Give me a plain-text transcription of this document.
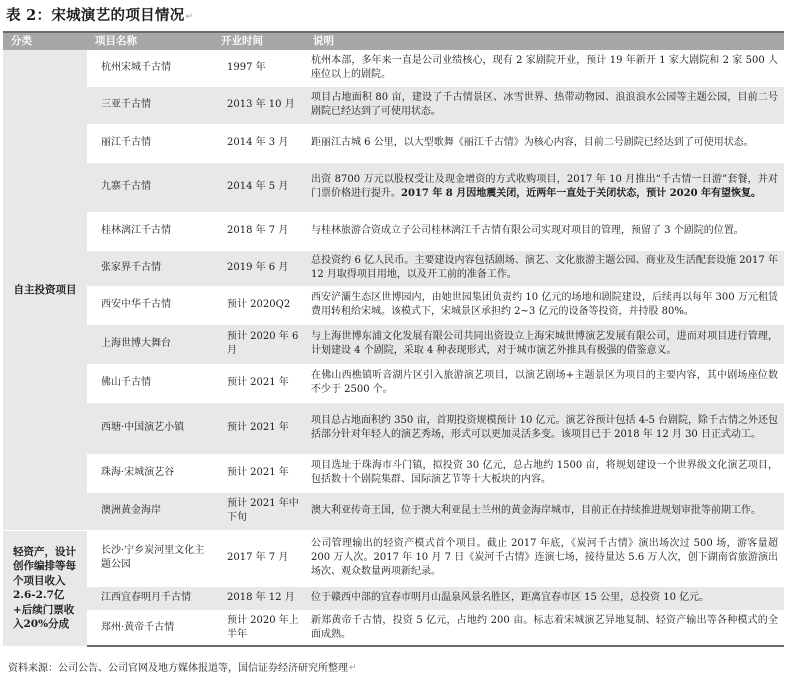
表 2：宋城演艺的项目情况↵
分类	项目名称	开业时间	说明
自主投资项目	杭州宋城千古情	1997 年	杭州本部，多年来一直是公司业绩核心，现有 2 家剧院开业，预计 19 年新开 1 家大剧院和 2 家 500 人座位以上的剧院。
	三亚千古情	2013 年 10 月	项目占地面积 80 亩，建设了千古情景区、冰雪世界、热带动物园、浪浪浪水公园等主题公园，目前二号剧院已经达到了可使用状态。
	丽江千古情	2014 年 3 月	距丽江古城 6 公里，以大型歌舞《丽江千古情》为核心内容，目前二号剧院已经达到了可使用状态。
	九寨千古情	2014 年 5 月	出资 8700 万元以股权受让及现金增资的方式收购项目，2017 年 10 月推出“千古情一日游”套餐，并对门票价格进行提升。2017 年 8 月因地震关闭，近两年一直处于关闭状态，预计 2020 年有望恢复。
	桂林漓江千古情	2018 年 7 月	与桂林旅游合资成立子公司桂林漓江千古情有限公司实现对项目的管理，预留了 3 个剧院的位置。
	张家界千古情	2019 年 6 月	总投资约 6 亿人民币。主要建设内容包括剧场、演艺、文化旅游主题公园、商业及生活配套设施 2017 年 12 月取得项目用地，以及开工前的准备工作。
	西安中华千古情	预计 2020Q2	西安浐灞生态区世博园内，由她世园集团负责约 10 亿元的场地和剧院建设，后续再以每年 300 万元租赁费用转租给宋城。该模式下，宋城景区承担约 2~3 亿元的设备等投资，并持股 80%。
	上海世博大舞台	预计 2020 年 6 月	与上海世博东浦文化发展有限公司共同出资设立上海宋城世博演艺发展有限公司，进而对项目进行管理，计划建设 4 个剧院，采取 4 种表现形式，对于城市演艺外推具有极强的借鉴意义。
	佛山千古情	预计 2021 年	在佛山西樵镇听音湖片区引入旅游演艺项目，以演艺剧场+主题景区为项目的主要内容，其中剧场座位数不少于 2500 个。
	西塘·中国演艺小镇	预计 2021 年	项目总占地面积约 350 亩，首期投资规模预计 10 亿元。演艺谷预计包括 4-5 台剧院，除千古情之外还包括部分针对年轻人的演艺秀场，形式可以更加灵活多变。该项目已于 2018 年 12 月 30 日正式动工。
	珠海·宋城演艺谷	预计 2021 年	项目选址于珠海市斗门镇，拟投资 30 亿元，总占地约 1500 亩，将规划建设一个世界级文化演艺项目，包括数十个剧院集群、国际演艺节等十大板块的内容。
	澳洲黄金海岸	预计 2021 年中下旬	澳大利亚传奇王国，位于澳大利亚昆士兰州的黄金海岸城市，目前正在持续推进规划审批等前期工作。
轻资产，设计创作编排等每个项目收入2.6-2.7亿+后续门票收入20%分成	长沙·宁乡炭河里文化主题公园	2017 年 7 月	公司管理输出的轻资产模式首个项目。截止 2017 年底，《炭河千古情》演出场次过 500 场，游客量超 200 万人次。2017 年 10 月 7 日《炭河千古情》连演七场，接待量达 5.6 万人次，创下湖南省旅游演出场次、观众数量两项新纪录。
	江西宜春明月千古情	2018 年 12 月	位于赣西中部的宜春市明月山温泉风景名胜区，距离宜春市区 15 公里，总投资 10 亿元。
	郑州·黄帝千古情	预计 2020 年上半年	新郑黄帝千古情，投资 5 亿元，占地约 200 亩。标志着宋城演艺异地复制、轻资产输出等各种模式的全面成熟。
资料来源：公司公告、公司官网及地方媒体报道等，国信证券经济研究所整理↵
